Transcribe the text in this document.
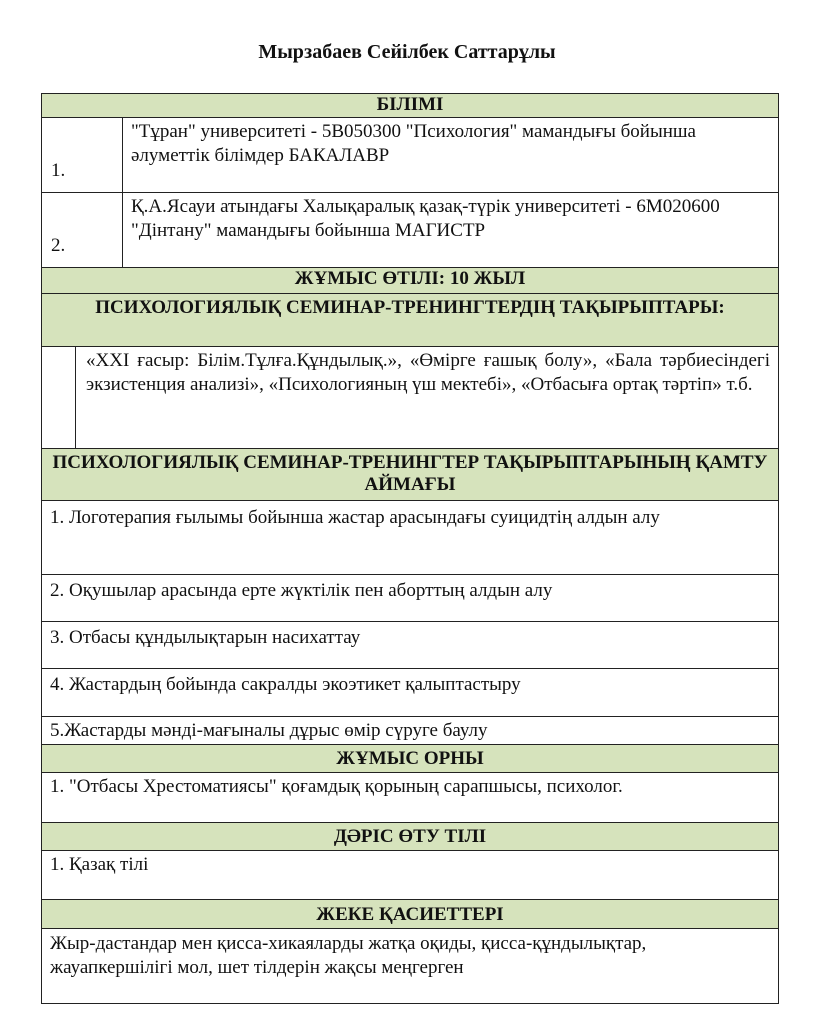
Мырзабаев Сейілбек Саттарұлы
БІЛІМІ
1.
"Тұран" университеті - 5В050300 "Психология" мамандығы бойынша әлуметтік білімдер БАКАЛАВР
2.
Қ.А.Ясауи атындағы Халықаралық қазақ-түрік университеті - 6М020600 "Дінтану" мамандығы бойынша МАГИСТР
ЖҰМЫС ӨТІЛІ: 10 ЖЫЛ
ПСИХОЛОГИЯЛЫҚ СЕМИНАР-ТРЕНИНГТЕРДІҢ ТАҚЫРЫПТАРЫ:
«XXI ғасыр: Білім.Тұлға.Құндылық.», «Өмірге ғашық болу», «Бала тәрбиесіндегі экзистенция анализі», «Психологияның үш мектебі», «Отбасыға ортақ тәртіп» т.б.
ПСИХОЛОГИЯЛЫҚ СЕМИНАР-ТРЕНИНГТЕР ТАҚЫРЫПТАРЫНЫҢ ҚАМТУ АЙМАҒЫ
1. Логотерапия ғылымы бойынша жастар арасындағы суицидтің алдын алу
2. Оқушылар арасында ерте жүктілік пен аборттың алдын алу
3. Отбасы құндылықтарын насихаттау
4. Жастардың бойында сакралды экоэтикет қалыптастыру
5.Жастарды мәнді-мағыналы дұрыс өмір сүруге баулу
ЖҰМЫС ОРНЫ
1. "Отбасы Хрестоматиясы" қоғамдық қорының сарапшысы, психолог.
ДӘРІС ӨТУ ТІЛІ
1. Қазақ тілі
ЖЕКЕ ҚАСИЕТТЕРІ
Жыр-дастандар мен қисса-хикаяларды жатқа оқиды, қисса-құндылықтар, жауапкершілігі мол, шет тілдерін жақсы меңгерген
